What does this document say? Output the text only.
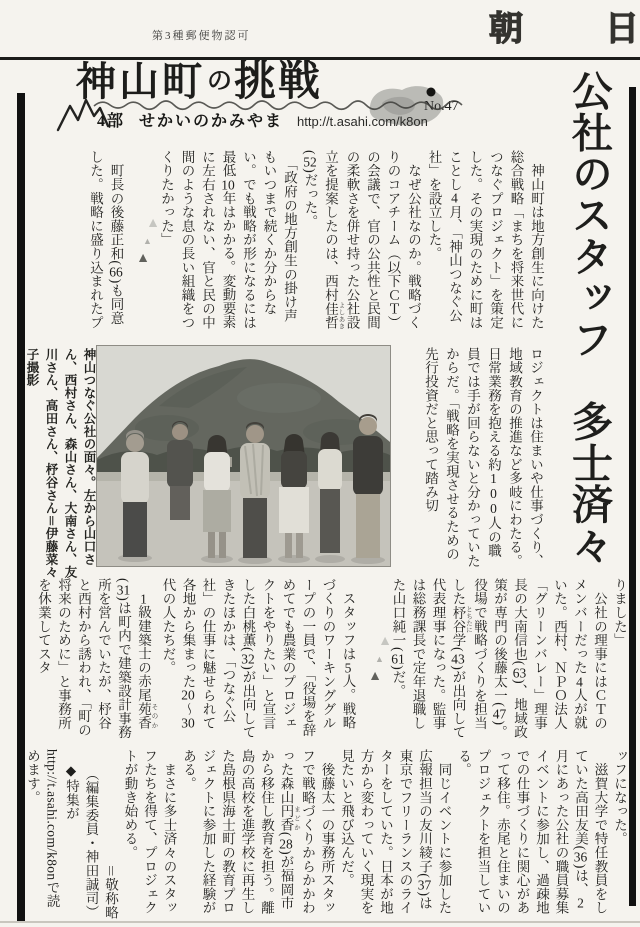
第3種郵便物認可	朝 日
神山町の挑戦
No.47
4部 せかいのかみやま http://t.asahi.com/k8on	公社のスタッフ　多士済々

　神山町は地方創生に向けた総合戦略「まちを将来世代につなぐプロジェクト」を策定した。その実現のために町はことし4月、「神山つなぐ公社」を設立した。

　なぜ公社なのか。戦略づくりのコアチーム（以下ＣＴ）の会議で、官の公共性と民間の柔軟さを併せ持った公社設立を提案したのは、西村佳哲 よしあき(52)だった。

　「政府の地方創生の掛け声もいつまで続くか分からない。でも戦略が形になるには最低10年はかかる。変動要素に左右されない、官と民の中間のような息の長い組織をつくりたかった」

▲▲▲

　町長の後藤正和(66)も同意した。戦略に盛り込まれたプ

神山つなぐ公社の面々。左から山口さん、西村さん、森山さん、大南さん、友川さん、高田さん、杼谷さん＝伊藤菜々子撮影	ロジェクトは住まいや仕事づくり、地域教育の推進など多岐にわたる。日常業務を抱える約100人の職員では手が回らないと分かっていたからだ。「戦略を実現させるための先行投資だと思って踏み切

りました」

　公社の理事にはＣＴのメンバーだった4人が就いた。西村、ＮＰＯ法人「グリーンバレー」理事長の大南信也(63)、地域政策が専門の後藤太一(47)。役場で戦略づくりを担当した杼谷 とちたに学(43)が出向して代表理事になった。監事は総務課長で定年退職した山口純一(61)だ。

▲▲▲

　スタッフは5人。戦略づくりのワーキンググループの一員で、「役場を辞めてでも農業のプロジェクトをやりたい」と宣言した白桃薫(32)が出向してきたほかは、「つなぐ公社」の仕事に魅せられて各地から集まった20〜30代の人たちだ。

　1級建築士の赤尾苑香 そのか(31)は町内で建築設計事務所を営んでいたが、杼谷と西村から誘われ、「町の将来のために」と事務所を休業してスタ

ッフになった。

　滋賀大学で特任教員をしていた高田友美(36)は、2月にあった公社の職員募集イベントに参加し、過疎地での仕事づくりに関心があって移住。赤尾と住まいのプロジェクトを担当している。

　同じイベントに参加した広報担当の友川綾子(37)は東京でフリーランスのライターをしていた。日本が地方から変わっていく現実を見たいと飛び込んだ。

　後藤太一の事務所スタッフで戦略づくりからかかわった森山円香 まどか(28)が福岡市から移住し教育を担う。離島の高校を進学校に再生した島根県海士町の教育プロジェクトに参加した経験がある。

　まさに多士済々のスタッフたちを得て、プロジェクトが動き始める。

＝敬称略

（編集委員・神田誠司）

　◆特集がhttp://t.asahi.com/k8onで読めます。
